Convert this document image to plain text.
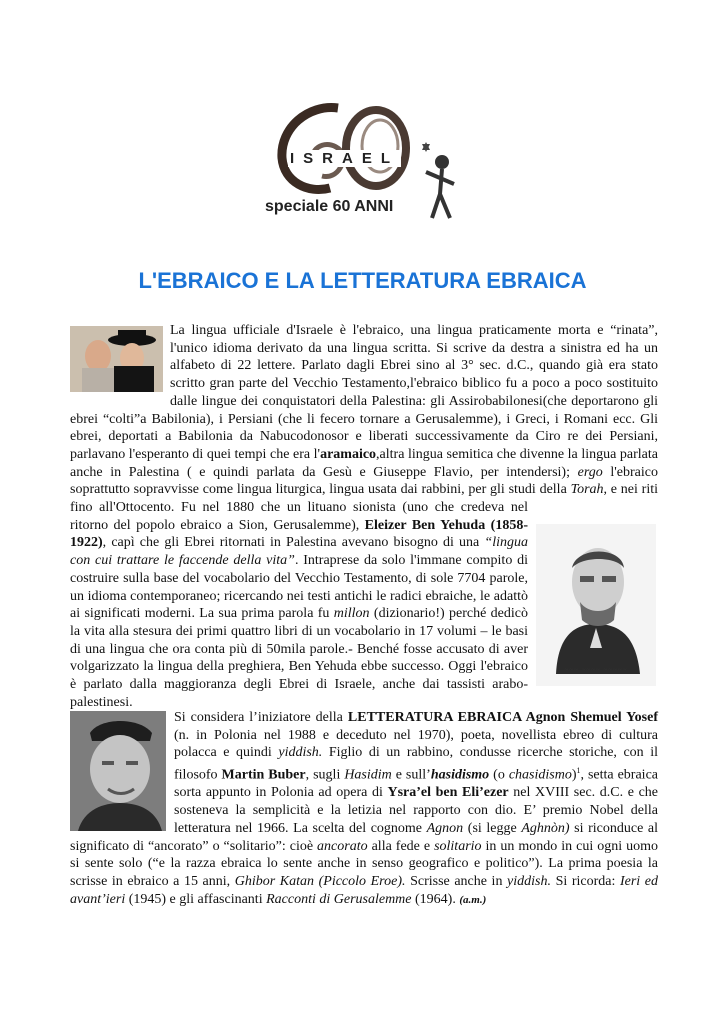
ISRAEL
speciale 60 ANNI
L'EBRAICO E LA LETTERATURA EBRAICA
~~~ ~~~~ ~~~~~

La lingua ufficiale d'Israele è l'ebraico, una lingua praticamente morta e “rinata”, l'unico idioma derivato da una lingua scritta. Si scrive da destra a sinistra ed ha un alfabeto di 22 lettere. Parlato dagli Ebrei sino al 3° sec. d.C., quando già era stato scritto gran parte del Vecchio Testamento,l'ebraico biblico fu a poco a poco sostituito dalle lingue dei conquistatori della Palestina: gli Assirobabilonesi(che deportarono gli ebrei “colti”a Babilonia), i Persiani (che li fecero tornare a Gerusalemme), i Greci, i Romani ecc. Gli ebrei, deportati a Babilonia da Nabucodonosor e liberati successivamente da Ciro re dei Persiani, parlavano l'esperanto di quei tempi che era l'aramaico,altra lingua semitica che divenne la lingua parlata anche in Palestina ( e quindi parlata da Gesù e Giuseppe Flavio, per intendersi); ergo l'ebraico soprattutto sopravvisse come lingua liturgica, lingua usata dai rabbini, per gli studi della Torah, e nei riti fino all'Ottocento. Fu nel 1880 che un lituano sionista (uno che credeva nel ritorno del popolo ebraico a Sion, Gerusalemme), Eleizer Ben Yehuda (1858-1922), capì che gli Ebrei ritornati in Palestina avevano bisogno di una “lingua con cui trattare le faccende della vita”. Intraprese da solo l'immane compito di costruire sulla base del vocabolario del Vecchio Testamento, di sole 7704 parole, un idioma contemporaneo; ricercando nei testi antichi le radici ebraiche, le adattò ai significati moderni. La sua prima parola fu millon (dizionario!) perché dedicò la vita alla stesura dei primi quattro libri di un vocabolario in 17 volumi – le basi di una lingua che ora conta più di 50mila parole.- Benché fosse accusato di aver volgarizzato la lingua della preghiera, Ben Yehuda ebbe successo. Oggi l'ebraico è parlato dalla maggioranza degli Ebrei di Israele, anche dai tassisti arabo-palestinesi.

Si considera l’iniziatore della LETTERATURA EBRAICA Agnon Shemuel Yosef (n. in Polonia nel 1988 e deceduto nel 1970), poeta, novellista ebreo di cultura polacca e quindi yiddish. Figlio di un rabbino, condusse ricerche storiche, con il filosofo Martin Buber, sugli Hasidim e sull’hasidismo (o chasidismo)$^1$, setta ebraica sorta appunto in Polonia ad opera di Ysra’el ben Eli’ezer nel XVIII sec. d.C. e che sosteneva la semplicità e la letizia nel rapporto con dio. E’ premio Nobel della letteratura nel 1966. La scelta del cognome Agnon (si legge Aghnòn) si riconduce al significato di “ancorato” o “solitario”: cioè ancorato alla fede e solitario in un mondo in cui ogni uomo si sente solo (“e la razza ebraica lo sente anche in senso geografico e politico”). La prima poesia la scrisse in ebraico a 15 anni, Ghibor Katan (Piccolo Eroe). Scrisse anche in yiddish. Si ricorda: Ieri ed avant’ieri (1945) e gli affascinanti Racconti di Gerusalemme (1964). (a.m.)
